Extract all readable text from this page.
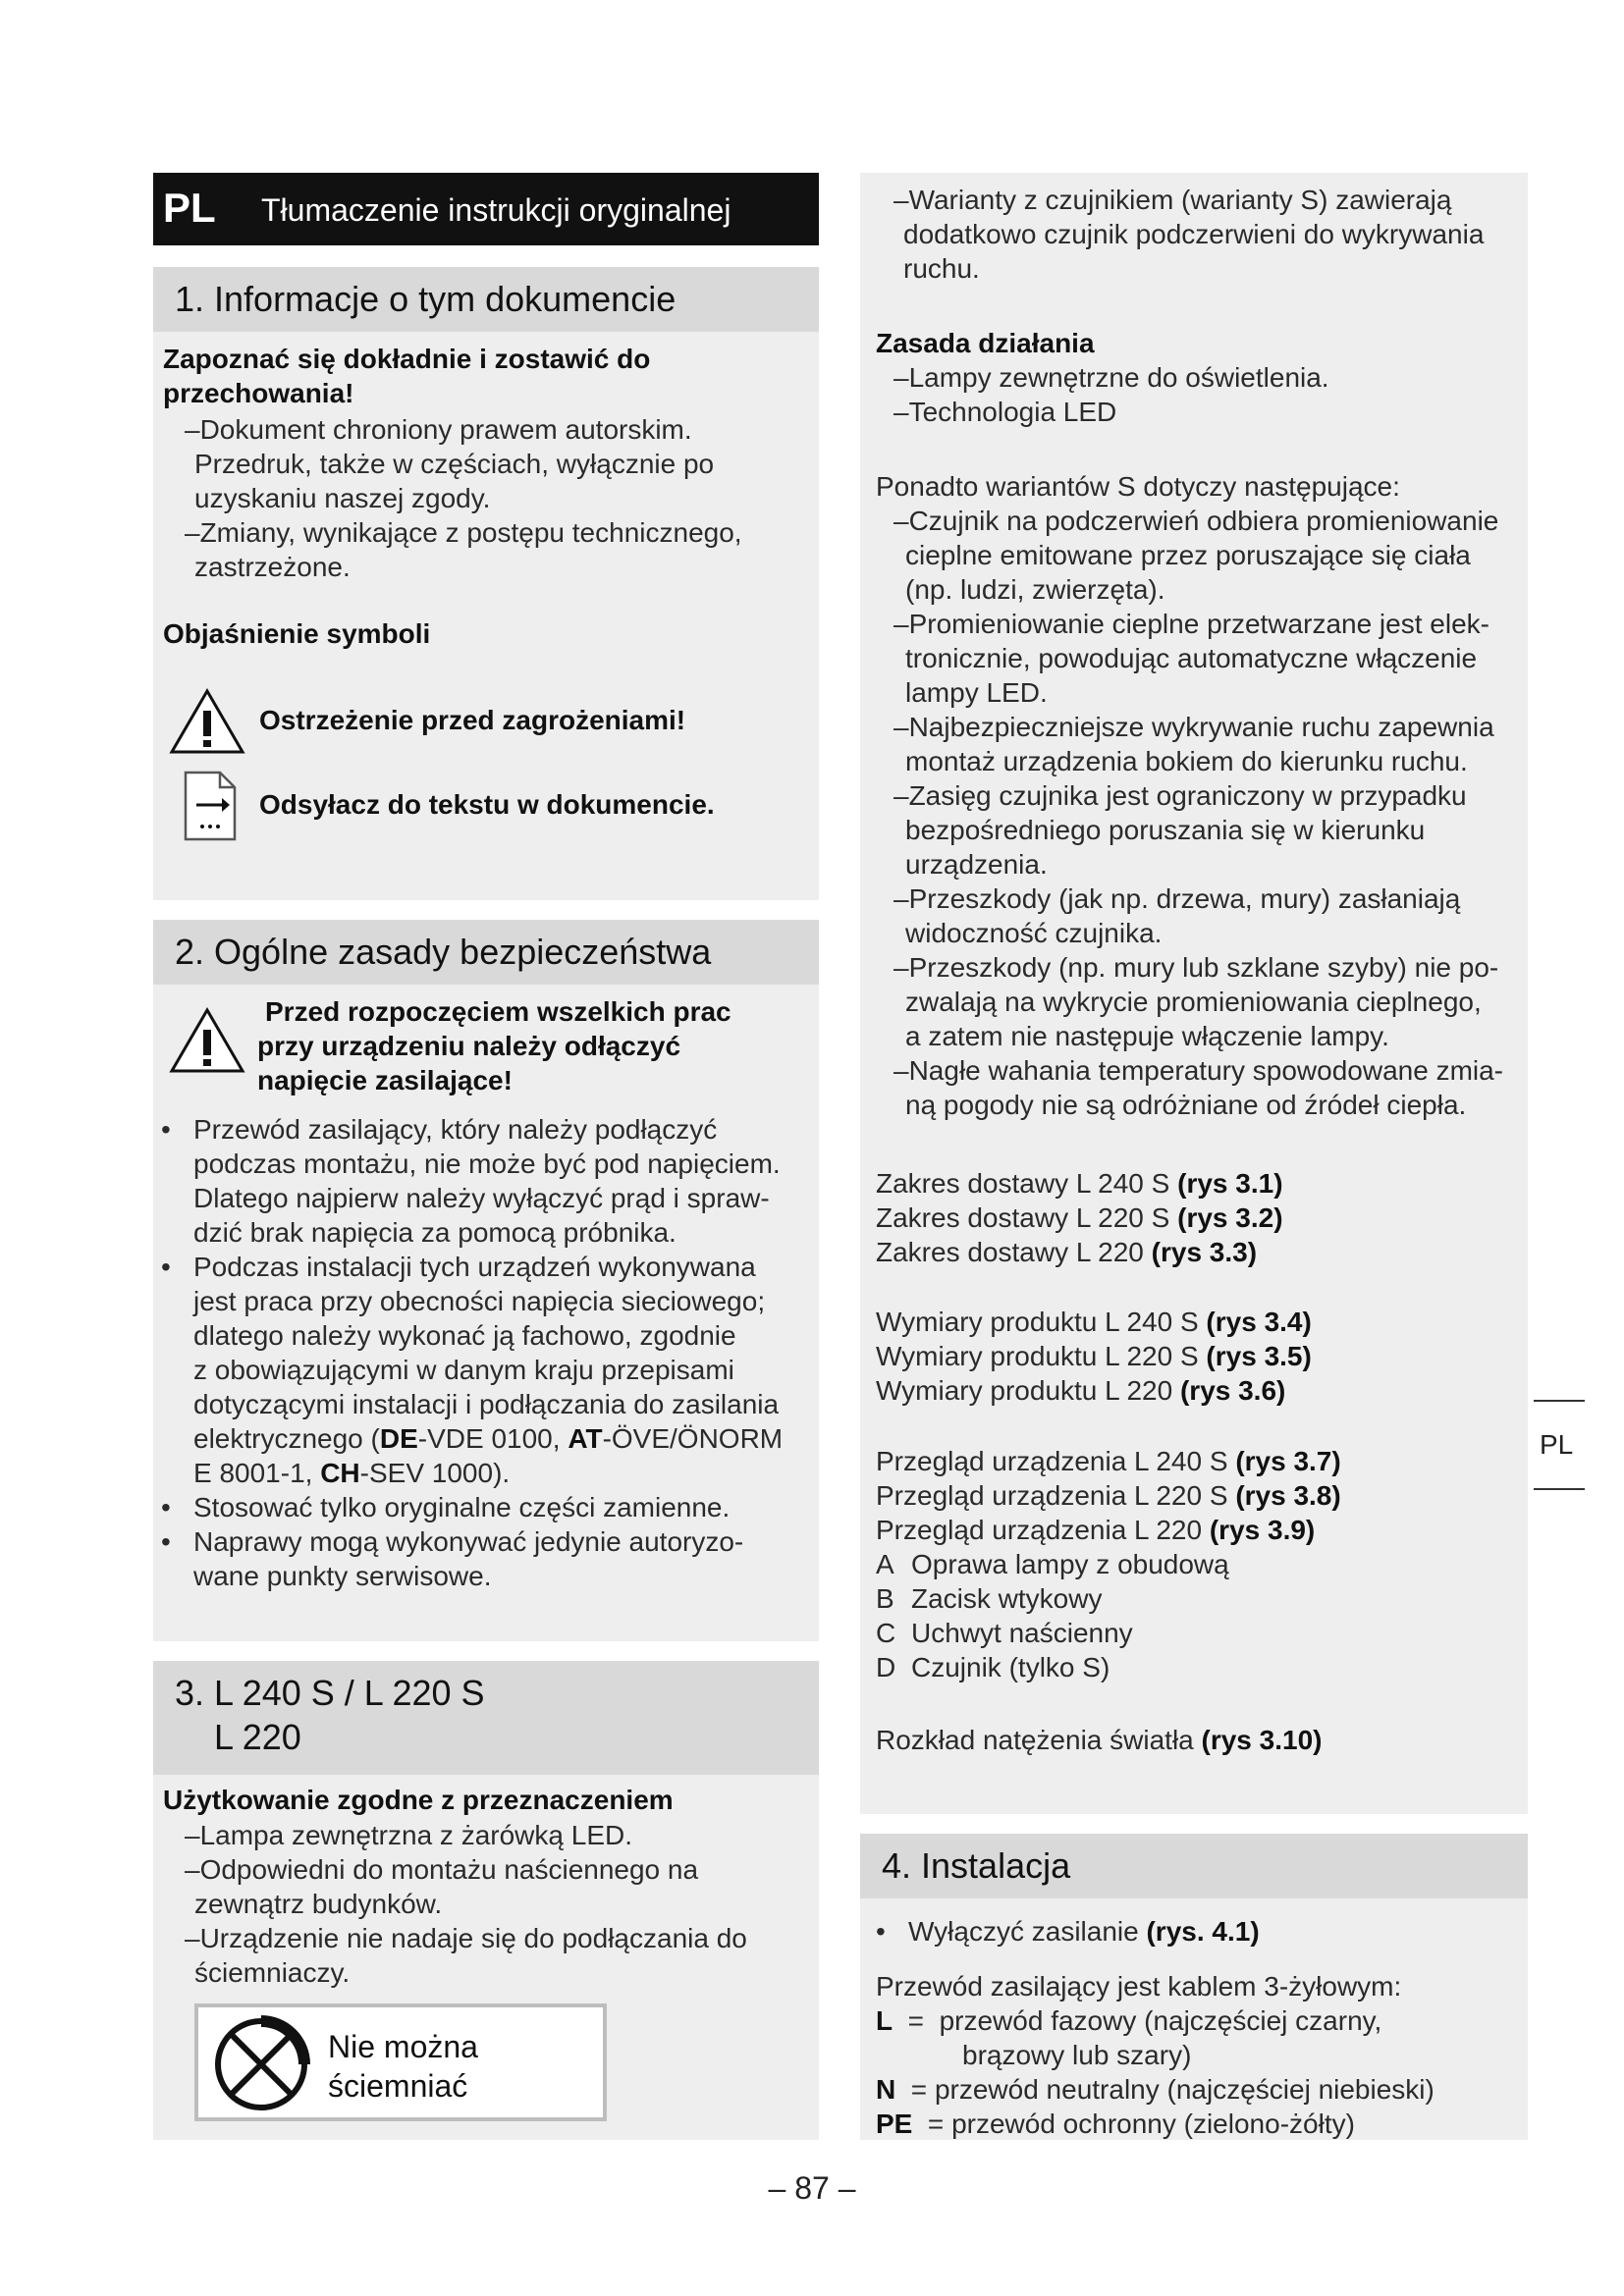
PL Tłumaczenie instrukcji oryginalnej
1. Informacje o tym dokumencie

Zapoznać się dokładnie i zostawić do
przechowania!

–Dokument chroniony prawem autorskim.
Przedruk, także w częściach, wyłącznie po
uzyskaniu naszej zgody.
–Zmiany, wynikające z postępu technicznego,
zastrzeżone.

Objaśnienie symboli

Ostrzeżenie przed zagrożeniami!

Odsyłacz do tekstu w dokumencie.

2. Ogólne zasady bezpieczeństwa

Przed rozpoczęciem wszelkich prac
przy urządzeniu należy odłączyć
napięcie zasilające!

• Przewód zasilający, który należy podłączyć
podczas montażu, nie może być pod napięciem.
Dlatego najpierw należy wyłączyć prąd i spraw-
dzić brak napięcia za pomocą próbnika.

• Podczas instalacji tych urządzeń wykonywana
jest praca przy obecności napięcia sieciowego;
dlatego należy wykonać ją fachowo, zgodnie
z obowiązującymi w danym kraju przepisami
dotyczącymi instalacji i podłączania do zasilania
elektrycznego (DE-VDE 0100, AT-ÖVE/ÖNORM
E 8001-1, CH-SEV 1000).

• Stosować tylko oryginalne części zamienne.

• Naprawy mogą wykonywać jedynie autoryzo-
wane punkty serwisowe.

3. L 240 S / L 220 S
L 220

Użytkowanie zgodne z przeznaczeniem

–Lampa zewnętrzna z żarówką LED.
–Odpowiedni do montażu naściennego na
zewnątrz budynków.
–Urządzenie nie nadaje się do podłączania do
ściemniaczy.

Nie można
ściemniać

–Warianty z czujnikiem (warianty S) zawierają
dodatkowo czujnik podczerwieni do wykrywania
ruchu.

Zasada działania

–Lampy zewnętrzne do oświetlenia.
–Technologia LED

Ponadto wariantów S dotyczy następujące:

–Czujnik na podczerwień odbiera promieniowanie
cieplne emitowane przez poruszające się ciała
(np. ludzi, zwierzęta).
–Promieniowanie cieplne przetwarzane jest elek-
tronicznie, powodując automatyczne włączenie
lampy LED.
–Najbezpieczniejsze wykrywanie ruchu zapewnia
montaż urządzenia bokiem do kierunku ruchu.
–Zasięg czujnika jest ograniczony w przypadku
bezpośredniego poruszania się w kierunku
urządzenia.
–Przeszkody (jak np. drzewa, mury) zasłaniają
widoczność czujnika.
–Przeszkody (np. mury lub szklane szyby) nie po-
zwalają na wykrycie promieniowania cieplnego,
a zatem nie następuje włączenie lampy.
–Nagłe wahania temperatury spowodowane zmia-
ną pogody nie są odróżniane od źródeł ciepła.

Zakres dostawy L 240 S (rys 3.1)
Zakres dostawy L 220 S (rys 3.2)
Zakres dostawy L 220 (rys 3.3)

Wymiary produktu L 240 S (rys 3.4)
Wymiary produktu L 220 S (rys 3.5)
Wymiary produktu L 220 (rys 3.6)

Przegląd urządzenia L 240 S (rys 3.7)
Przegląd urządzenia L 220 S (rys 3.8)
Przegląd urządzenia L 220 (rys 3.9)

A Oprawa lampy z obudową
B Zacisk wtykowy
C Uchwyt naścienny
D Czujnik (tylko S)

Rozkład natężenia światła (rys 3.10)

4. Instalacja

• Wyłączyć zasilanie (rys. 4.1)

Przewód zasilający jest kablem 3-żyłowym:

L  =  przewód fazowy (najczęściej czarny,
brązowy lub szary)
N  = przewód neutralny (najczęściej niebieski)
PE  = przewód ochronny (zielono-żółty)

PL
– 87 –
